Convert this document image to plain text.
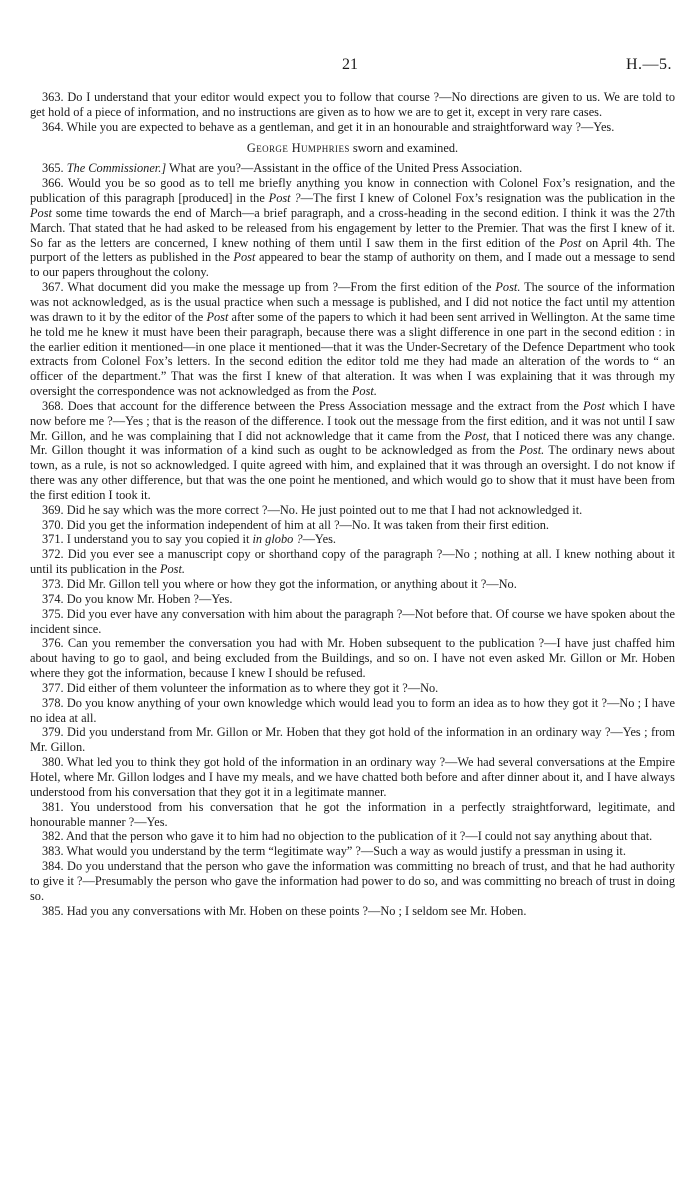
21	H.—5.

363. Do I understand that your editor would expect you to follow that course ?—No directions are given to us. We are told to get hold of a piece of information, and no instructions are given as to how we are to get it, except in very rare cases.

364. While you are expected to behave as a gentleman, and get it in an honourable and straightforward way ?—Yes.

George Humphries sworn and examined.

365. The Commissioner.] What are you?—Assistant in the office of the United Press Association.

366. Would you be so good as to tell me briefly anything you know in connection with Colonel Fox’s resignation, and the publication of this paragraph [produced] in the Post ?—The first I knew of Colonel Fox’s resignation was the publication in the Post some time towards the end of March—a brief paragraph, and a cross-heading in the second edition. I think it was the 27th March. That stated that he had asked to be released from his engagement by letter to the Premier. That was the first I knew of it. So far as the letters are concerned, I knew nothing of them until I saw them in the first edition of the Post on April 4th. The purport of the letters as published in the Post appeared to bear the stamp of authority on them, and I made out a message to send to our papers throughout the colony.

367. What document did you make the message up from ?—From the first edition of the Post. The source of the information was not acknowledged, as is the usual practice when such a message is published, and I did not notice the fact until my attention was drawn to it by the editor of the Post after some of the papers to which it had been sent arrived in Wellington. At the same time he told me he knew it must have been their paragraph, because there was a slight difference in one part in the second edition : in the earlier edition it mentioned—in one place it mentioned—that it was the Under-Secretary of the Defence Department who took extracts from Colonel Fox’s letters. In the second edition the editor told me they had made an alteration of the words to “ an officer of the department.” That was the first I knew of that alteration. It was when I was explaining that it was through my oversight the correspondence was not acknowledged as from the Post.

368. Does that account for the difference between the Press Association message and the extract from the Post which I have now before me ?—Yes ; that is the reason of the difference. I took out the message from the first edition, and it was not until I saw Mr. Gillon, and he was complaining that I did not acknowledge that it came from the Post, that I noticed there was any change. Mr. Gillon thought it was information of a kind such as ought to be acknowledged as from the Post. The ordinary news about town, as a rule, is not so acknowledged. I quite agreed with him, and explained that it was through an oversight. I do not know if there was any other difference, but that was the one point he mentioned, and which would go to show that it must have been from the first edition I took it.

369. Did he say which was the more correct ?—No. He just pointed out to me that I had not acknowledged it.

370. Did you get the information independent of him at all ?—No. It was taken from their first edition.

371. I understand you to say you copied it in globo ?—Yes.

372. Did you ever see a manuscript copy or shorthand copy of the paragraph ?—No ; nothing at all. I knew nothing about it until its publication in the Post.

373. Did Mr. Gillon tell you where or how they got the information, or anything about it ?—No.

374. Do you know Mr. Hoben ?—Yes.

375. Did you ever have any conversation with him about the paragraph ?—Not before that. Of course we have spoken about the incident since.

376. Can you remember the conversation you had with Mr. Hoben subsequent to the publication ?—I have just chaffed him about having to go to gaol, and being excluded from the Buildings, and so on. I have not even asked Mr. Gillon or Mr. Hoben where they got the information, because I knew I should be refused.

377. Did either of them volunteer the information as to where they got it ?—No.

378. Do you know anything of your own knowledge which would lead you to form an idea as to how they got it ?—No ; I have no idea at all.

379. Did you understand from Mr. Gillon or Mr. Hoben that they got hold of the information in an ordinary way ?—Yes ; from Mr. Gillon.

380. What led you to think they got hold of the information in an ordinary way ?—We had several conversations at the Empire Hotel, where Mr. Gillon lodges and I have my meals, and we have chatted both before and after dinner about it, and I have always understood from his conversation that they got it in a legitimate manner.

381. You understood from his conversation that he got the information in a perfectly straightforward, legitimate, and honourable manner ?—Yes.

382. And that the person who gave it to him had no objection to the publication of it ?—I could not say anything about that.

383. What would you understand by the term “legitimate way” ?—Such a way as would justify a pressman in using it.

384. Do you understand that the person who gave the information was committing no breach of trust, and that he had authority to give it ?—Presumably the person who gave the information had power to do so, and was committing no breach of trust in doing so.

385. Had you any conversations with Mr. Hoben on these points ?—No ; I seldom see Mr. Hoben.
